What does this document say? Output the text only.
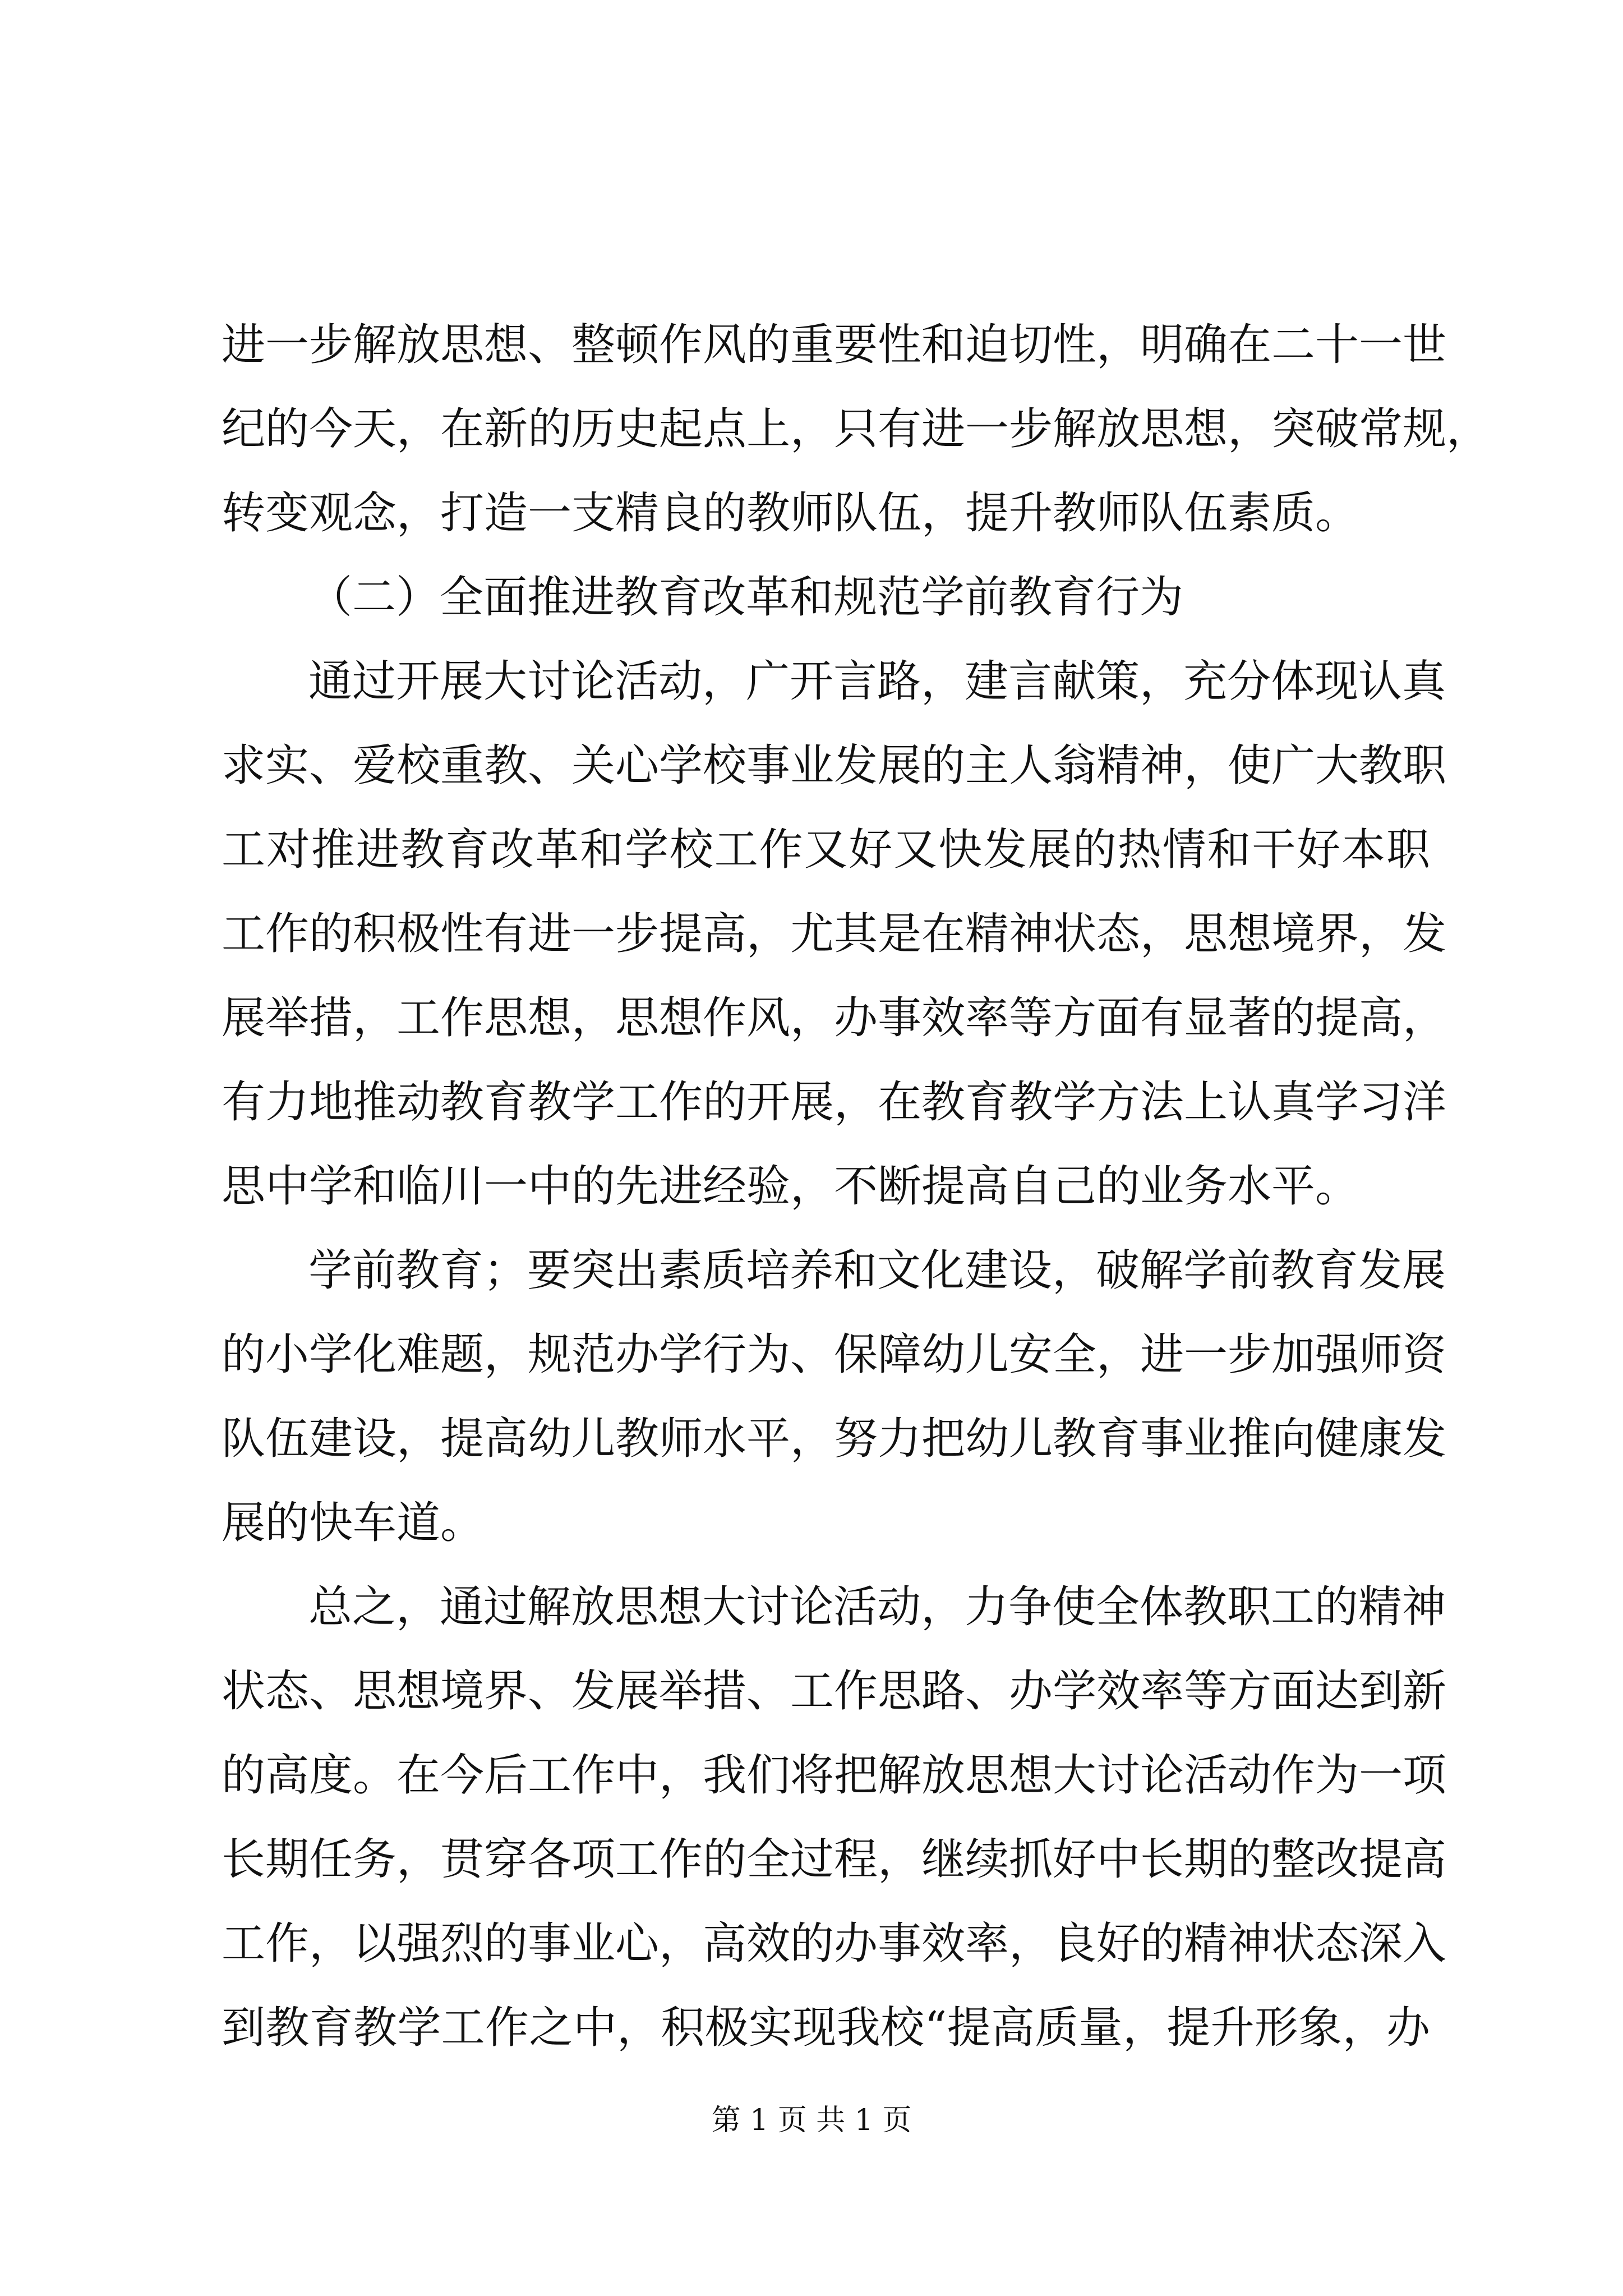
进一步解放思想、整顿作风的重要性和迫切性，明确在二十一世
纪的今天，在新的历史起点上，只有进一步解放思想，突破常规，
转变观念，打造一支精良的教师队伍，提升教师队伍素质。
（二）全面推进教育改革和规范学前教育行为
通过开展大讨论活动，广开言路，建言献策，充分体现认真
求实、爱校重教、关心学校事业发展的主人翁精神，使广大教职
工对推进教育改革和学校工作又好又快发展的热情和干好本职
工作的积极性有进一步提高，尤其是在精神状态，思想境界，发
展举措，工作思想，思想作风，办事效率等方面有显著的提高，
有力地推动教育教学工作的开展，在教育教学方法上认真学习洋
思中学和临川一中的先进经验，不断提高自己的业务水平。
学前教育；要突出素质培养和文化建设，破解学前教育发展
的小学化难题，规范办学行为、保障幼儿安全，进一步加强师资
队伍建设，提高幼儿教师水平，努力把幼儿教育事业推向健康发
展的快车道。
总之，通过解放思想大讨论活动，力争使全体教职工的精神
状态、思想境界、发展举措、工作思路、办学效率等方面达到新
的高度。在今后工作中，我们将把解放思想大讨论活动作为一项
长期任务，贯穿各项工作的全过程，继续抓好中长期的整改提高
工作，以强烈的事业心，高效的办事效率，良好的精神状态深入
到教育教学工作之中，积极实现我校“提高质量，提升形象，办
第 1 页 共 1 页
